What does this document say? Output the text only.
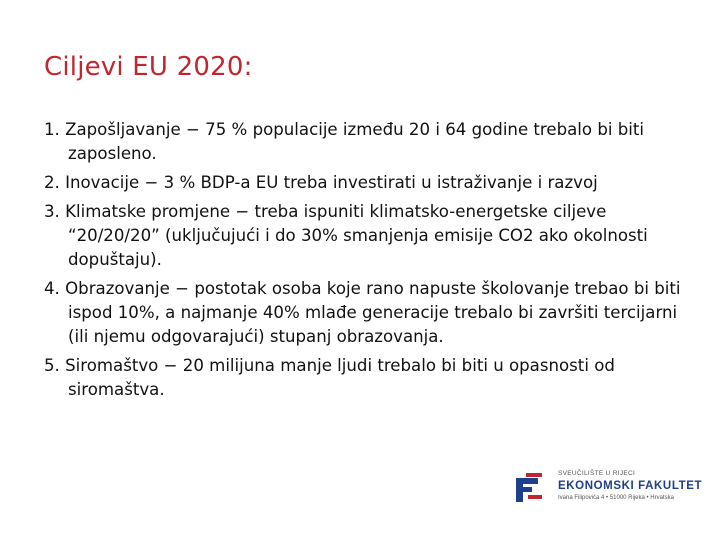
Ciljevi EU 2020:
1. Zapošljavanje − 75 % populacije između 20 i 64 godine trebalo bi biti zaposleno.
2. Inovacije − 3 % BDP-a EU treba investirati u istraživanje i razvoj
3. Klimatske promjene − treba ispuniti klimatsko-energetske ciljeve “20/20/20” (uključujući i do 30% smanjenja emisije CO2 ako okolnosti dopuštaju).
4. Obrazovanje − postotak osoba koje rano napuste školovanje trebao bi biti ispod 10%, a najmanje 40% mlađe generacije trebalo bi završiti tercijarni (ili njemu odgovarajući) stupanj obrazovanja.
5. Siromaštvo − 20 milijuna manje ljudi trebalo bi biti u opasnosti od siromaštva.
SVEUČILIŠTE U RIJECI
EKONOMSKI FAKULTET
Ivana Filipovića 4 • 51000 Rijeka • Hrvatska
